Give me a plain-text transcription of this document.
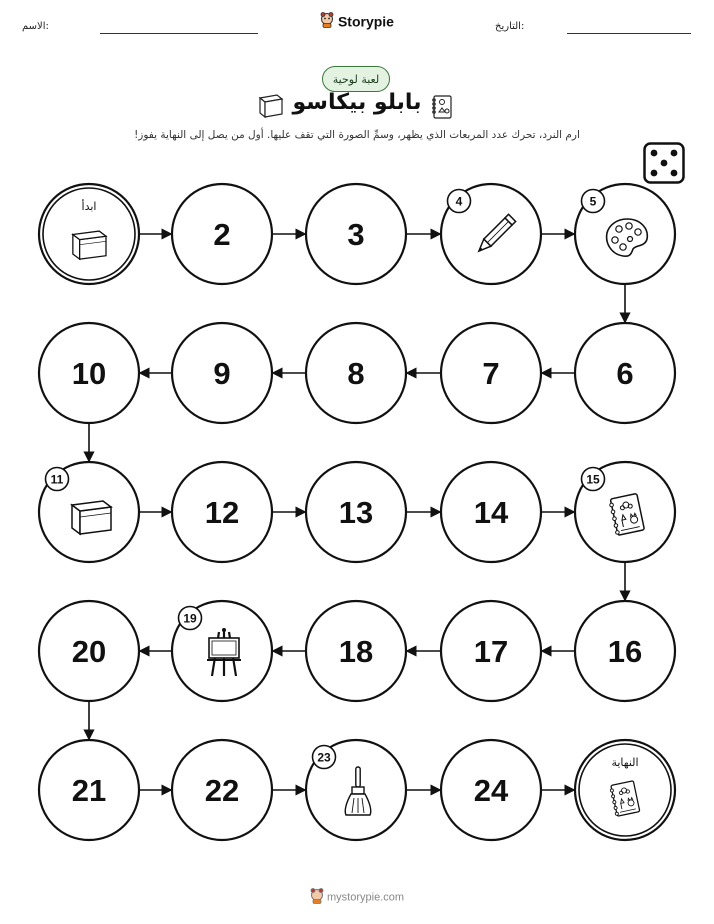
الاسم:	التاريخ:
Storypie
لعبة لوحية
بابلو بيكاسو
ارم النرد، تحرك عدد المربعات الذي يظهر، وسمِّ الصورة التي تقف عليها. أول من يصل إلى النهاية يفوز!
ابدأ
2	3
4	5
6
7
8
9
10
11
12	13	14
15
16
17
18
19
20
21	22
23
24
النهاية
mystorypie.com
